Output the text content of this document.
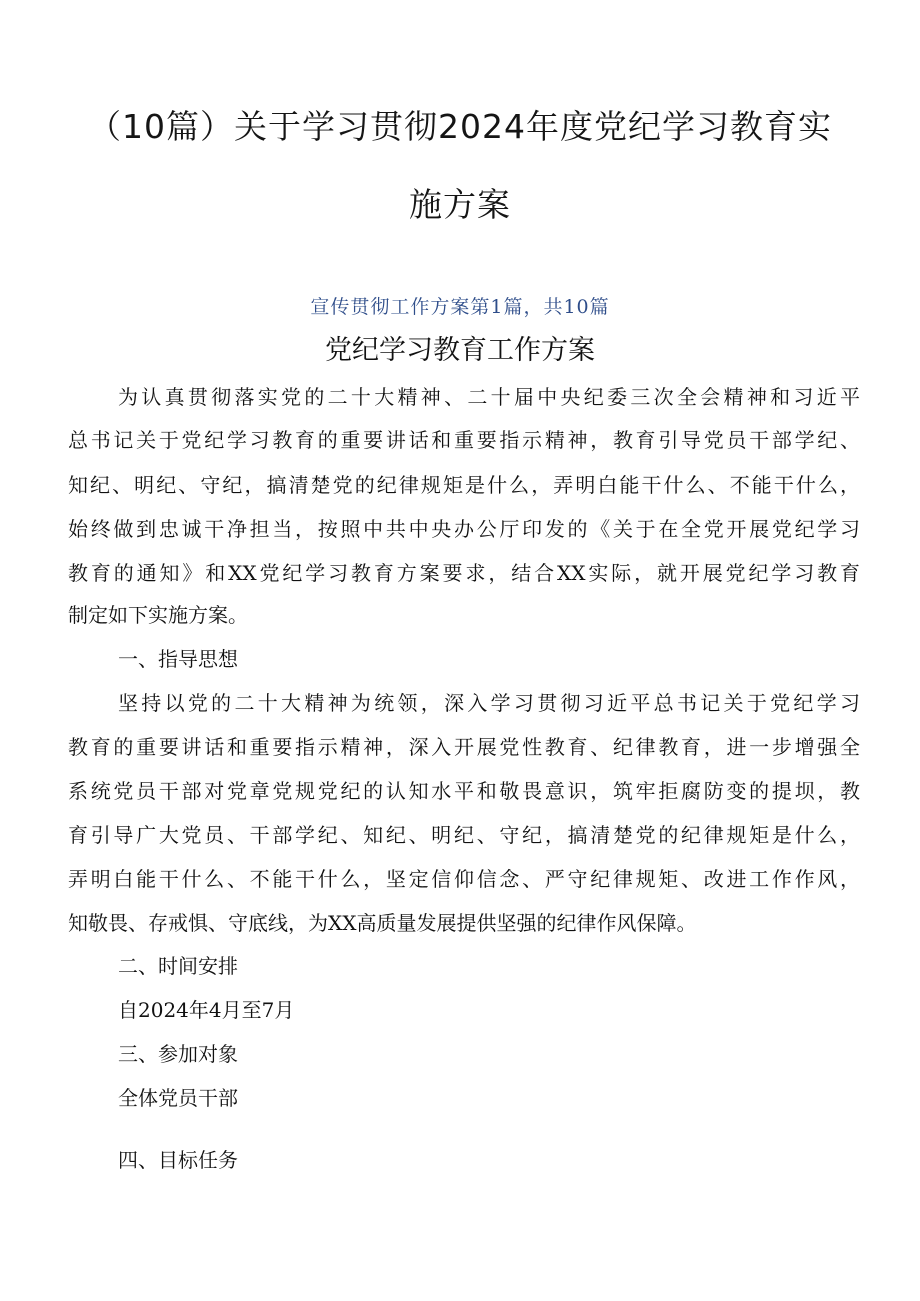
（10篇）关于学习贯彻2024年度党纪学习教育实
施方案
宣传贯彻工作方案第1篇，共10篇
党纪学习教育工作方案
为认真贯彻落实党的二十大精神、二十届中央纪委三次全会精神和习近平
总书记关于党纪学习教育的重要讲话和重要指示精神，教育引导党员干部学纪、
知纪、明纪、守纪，搞清楚党的纪律规矩是什么，弄明白能干什么、不能干什么，
始终做到忠诚干净担当，按照中共中央办公厅印发的《关于在全党开展党纪学习
教育的通知》和XX党纪学习教育方案要求，结合XX实际，就开展党纪学习教育
制定如下实施方案。
一、指导思想
坚持以党的二十大精神为统领，深入学习贯彻习近平总书记关于党纪学习
教育的重要讲话和重要指示精神，深入开展党性教育、纪律教育，进一步增强全
系统党员干部对党章党规党纪的认知水平和敬畏意识，筑牢拒腐防变的提坝，教
育引导广大党员、干部学纪、知纪、明纪、守纪，搞清楚党的纪律规矩是什么，
弄明白能干什么、不能干什么，坚定信仰信念、严守纪律规矩、改进工作作风，
知敬畏、存戒惧、守底线，为XX高质量发展提供坚强的纪律作风保障。
二、时间安排
自2024年4月至7月
三、参加对象
全体党员干部
四、目标任务
